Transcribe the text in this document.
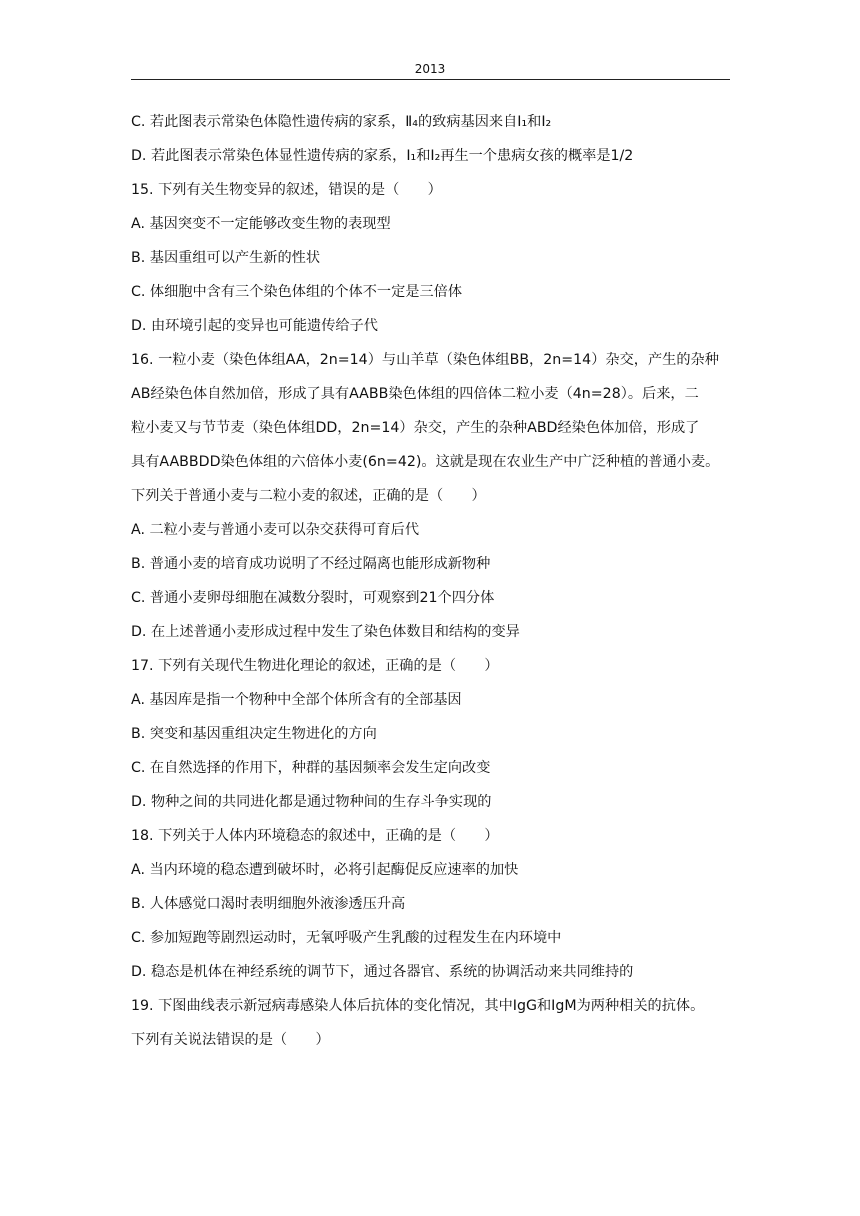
2013
C. 若此图表示常染色体隐性遗传病的家系，Ⅱ₄的致病基因来自I₁和Ⅰ₂
D. 若此图表示常染色体显性遗传病的家系，I₁和I₂再生一个患病女孩的概率是1/2
15. 下列有关生物变异的叙述，错误的是（　　）
A. 基因突变不一定能够改变生物的表现型
B. 基因重组可以产生新的性状
C. 体细胞中含有三个染色体组的个体不一定是三倍体
D. 由环境引起的变异也可能遗传给子代
16. 一粒小麦（染色体组AA，2n=14）与山羊草（染色体组BB，2n=14）杂交，产生的杂种
AB经染色体自然加倍，形成了具有AABB染色体组的四倍体二粒小麦（4n=28）。后来，二
粒小麦又与节节麦（染色体组DD，2n=14）杂交，产生的杂种ABD经染色体加倍，形成了
具有AABBDD染色体组的六倍体小麦(6n=42)。这就是现在农业生产中广泛种植的普通小麦。
下列关于普通小麦与二粒小麦的叙述，正确的是（　　）
A. 二粒小麦与普通小麦可以杂交获得可育后代
B. 普通小麦的培育成功说明了不经过隔离也能形成新物种
C. 普通小麦卵母细胞在减数分裂时，可观察到21个四分体
D. 在上述普通小麦形成过程中发生了染色体数目和结构的变异
17. 下列有关现代生物进化理论的叙述，正确的是（　　）
A. 基因库是指一个物种中全部个体所含有的全部基因
B. 突变和基因重组决定生物进化的方向
C. 在自然选择的作用下，种群的基因频率会发生定向改变
D. 物种之间的共同进化都是通过物种间的生存斗争实现的
18. 下列关于人体内环境稳态的叙述中，正确的是（　　）
A. 当内环境的稳态遭到破坏时，必将引起酶促反应速率的加快
B. 人体感觉口渴时表明细胞外液渗透压升高
C. 参加短跑等剧烈运动时，无氧呼吸产生乳酸的过程发生在内环境中
D. 稳态是机体在神经系统的调节下，通过各器官、系统的协调活动来共同维持的
19. 下图曲线表示新冠病毒感染人体后抗体的变化情况，其中IgG和IgM为两种相关的抗体。
下列有关说法错误的是（　　）
